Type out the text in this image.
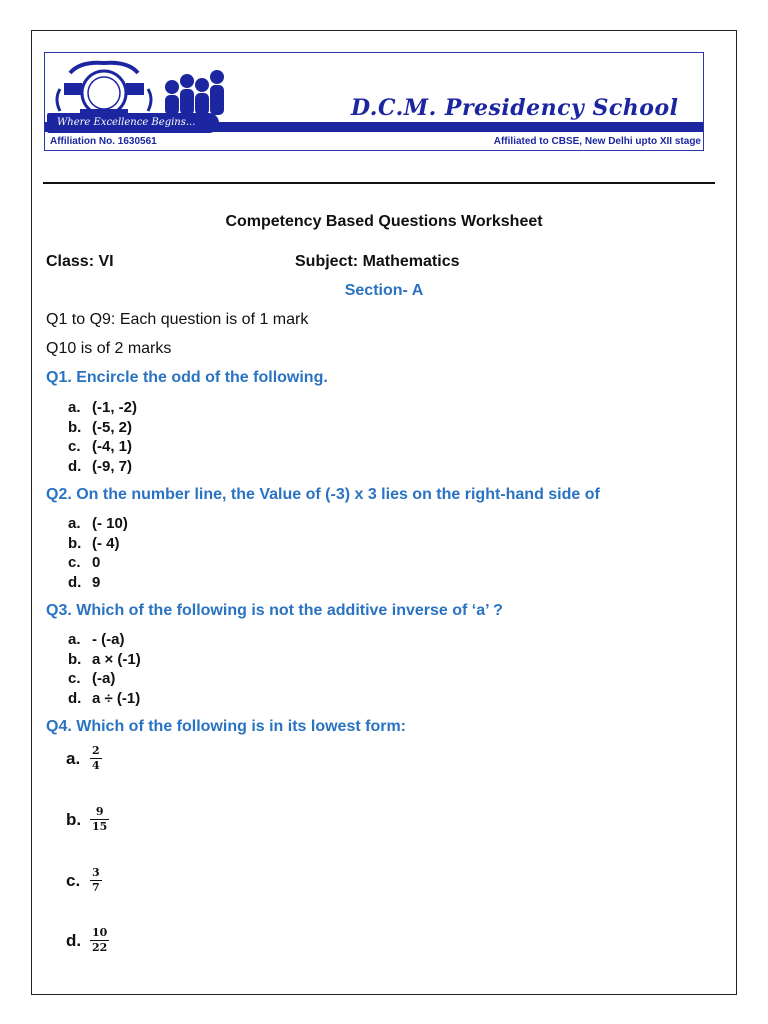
D.C.M. Presidency School
Where Excellence Begins...
Affiliation No. 1630561	Affiliated to CBSE, New Delhi upto XII stage
Competency Based Questions Worksheet
Class: VI	Subject: Mathematics
Section- A
Q1 to Q9: Each question is of 1 mark
Q10 is of 2 marks
Q1. Encircle the odd of the following.
a. (-1, -2)
b. (-5, 2)
c. (-4, 1)
d. (-9, 7)
Q2. On the number line, the Value of (-3) x 3 lies on the right-hand side of
a. (- 10)
b. (- 4)
c. 0
d. 9
Q3. Which of the following is not the additive inverse of ‘a’ ?
a. - (-a)
b. a × (-1)
c. (-a)
d. a ÷ (-1)
Q4. Which of the following is in its lowest form:
a. $\frac{2}{4}$
b. $\frac{9}{15}$
c. $\frac{3}{7}$
d. $\frac{10}{22}$
